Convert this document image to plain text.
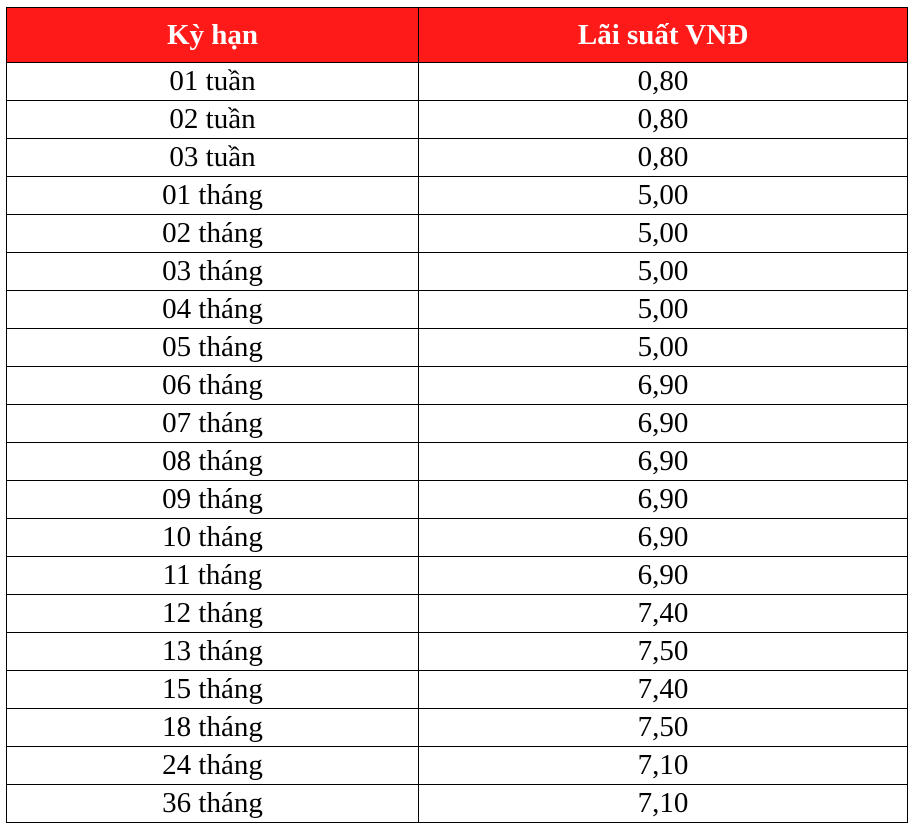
Kỳ hạn	Lãi suất VNĐ
01 tuần	0,80
02 tuần	0,80
03 tuần	0,80
01 tháng	5,00
02 tháng	5,00
03 tháng	5,00
04 tháng	5,00
05 tháng	5,00
06 tháng	6,90
07 tháng	6,90
08 tháng	6,90
09 tháng	6,90
10 tháng	6,90
11 tháng	6,90
12 tháng	7,40
13 tháng	7,50
15 tháng	7,40
18 tháng	7,50
24 tháng	7,10
36 tháng	7,10
